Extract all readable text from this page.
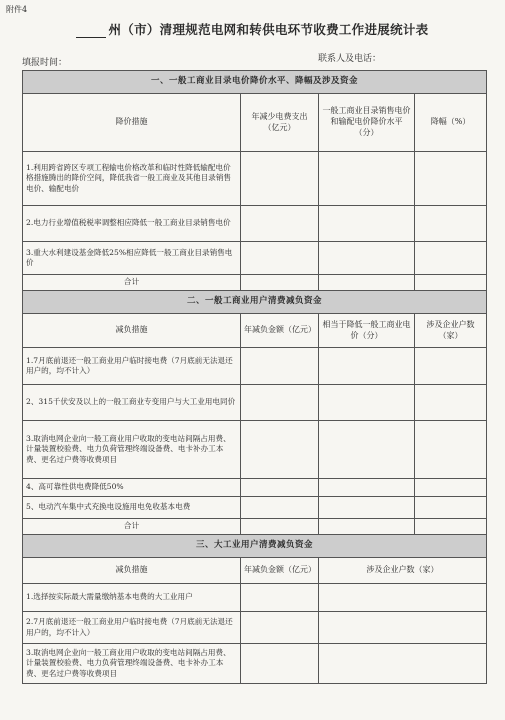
附件4
州（市）清理规范电网和转供电环节收费工作进展统计表
填报时间：	联系人及电话：
一、一般工商业目录电价降价水平、降幅及涉及资金			
降价措施	年减少电费支出（亿元）	一般工商业目录销售电价和输配电价降价水平（分）	降幅（%）
1.利用跨省跨区专项工程输电价格改革和临时性降低输配电价格措施腾出的降价空间，降低我省一般工商业及其他目录销售电价、输配电价			
2.电力行业增值税税率调整相应降低一般工商业目录销售电价			
3.重大水利建设基金降低25%相应降低一般工商业目录销售电价			
合计			
二、一般工商业用户清费减负资金			
减负措施	年减负金额（亿元）	相当于降低一般工商业电价（分）	涉及企业户数（家）
1.7月底前退还一般工商业用户临时接电费（7月底前无法退还用户的，均不计入）			
2、315千伏安及以上的一般工商业专变用户与大工业用电同价			
3.取消电网企业向一般工商业用户收取的变电站间隔占用费、计量装置校验费、电力负荷管理终端设备费、电卡补办工本费、更名过户费等收费项目			
4、高可靠性供电费降低50%			
5、电动汽车集中式充换电设施用电免收基本电费			
合计			
三、大工业用户清费减负资金			
减负措施	年减负金额（亿元）	涉及企业户数（家）	
1.选择按实际最大需量缴纳基本电费的大工业用户			
2.7月底前退还一般工商业用户临时接电费（7月底前无法退还用户的，均不计入）			
3.取消电网企业向一般工商业用户收取的变电站间隔占用费、计量装置校验费、电力负荷管理终端设备费、电卡补办工本费、更名过户费等收费项目			
